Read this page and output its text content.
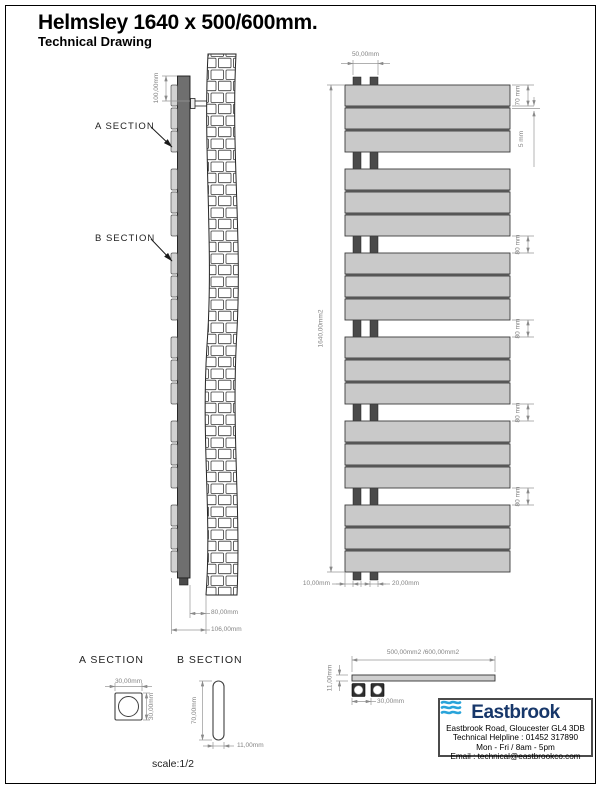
Helmsley 1640 x 500/600mm.
Technical Drawing
100,00mm
1640,00mm2
70 mm
5 mm
80 mm
80 mm
80 mm
80 mm
30,00mm	70,00mm
11,00mm
A SECTION
B SECTION
80,00mm
106,00mm
50,00mm
10,00mm	20,00mm
A SECTION	B SECTION
30,00mm
11,00mm
scale:1/2
500,00mm2 /600,00mm2
30,00mm
Eastbrook
Eastbrook Road, Gloucester GL4 3DB
Technical Helpline : 01452 317890
Mon - Fri / 8am - 5pm
Email : technical@eastbrookco.com
